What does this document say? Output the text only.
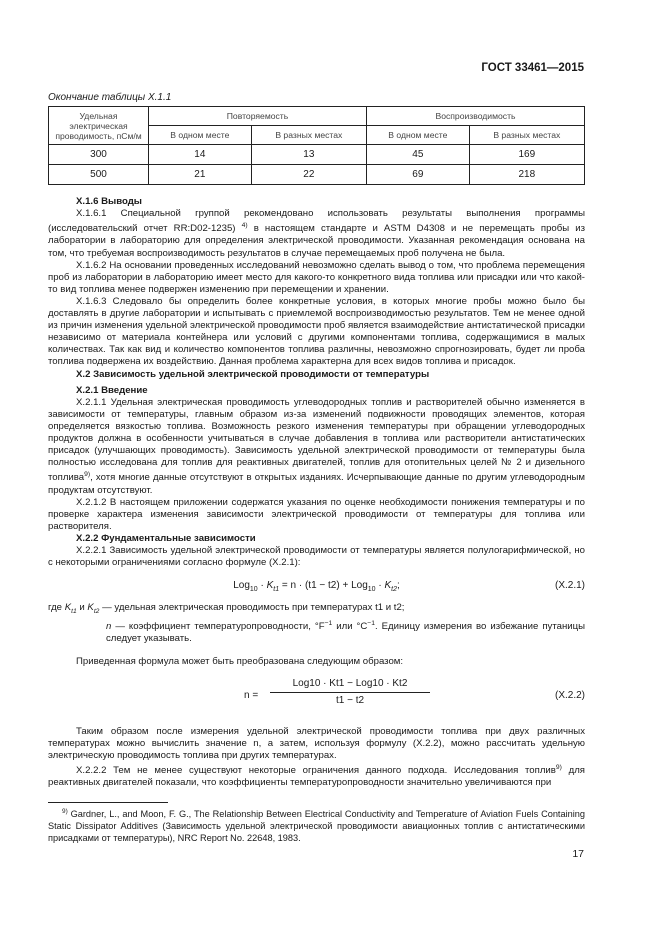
ГОСТ 33461—2015
Окончание таблицы Х.1.1
Удельная электрическая проводимость, пСм/м	Повторяемость		Воспроизводимость	
	В одном месте	В разных местах	В одном месте	В разных местах
300	14	13	45	169
500	21	22	69	218

Х.1.6 Выводы

Х.1.6.1 Специальной группой рекомендовано использовать результаты выполнения программы (исследовательский отчет RR:D02-1235) $^{4)}$ в настоящем стандарте и ASTM D4308 и не перемещать пробы из лаборатории в лабораторию для определения электрической проводимости. Указанная рекомендация основана на том, что требуемая воспроизводимость результатов в случае перемещаемых проб получена не была.

Х.1.6.2 На основании проведенных исследований невозможно сделать вывод о том, что проблема перемещения проб из лаборатории в лабораторию имеет место для какого-то конкретного вида топлива или присадки или что какой-то вид топлива менее подвержен изменению при перемещении и хранении.

Х.1.6.3 Следовало бы определить более конкретные условия, в которых многие пробы можно было бы доставлять в другие лаборатории и испытывать с приемлемой воспроизводимостью результатов. Тем не менее одной из причин изменения удельной электрической проводимости проб является взаимодействие антистатической присадки независимо от материала контейнера или условий с другими компонентами топлива, содержащимися в малых количествах. Так как вид и количество компонентов топлива различны, невозможно спрогнозировать, будет ли проба топлива подвержена их воздействию. Данная проблема характерна для всех видов топлива и присадок.

Х.2 Зависимость удельной электрической проводимости от температуры

Х.2.1 Введение

Х.2.1.1 Удельная электрическая проводимость углеводородных топлив и растворителей обычно изменяется в зависимости от температуры, главным образом из-за изменений подвижности проводящих элементов, которая определяется вязкостью топлива. Возможность резкого изменения температуры при обращении углеводородных продуктов должна в особенности учитываться в случае добавления в топлива или растворители антистатических присадок (улучшающих проводимость). Зависимость удельной электрической проводимости от температуры была полностью исследована для топлив для реактивных двигателей, топлив для отопительных целей № 2 и дизельного топлива$^{9)}$, хотя многие данные отсутствуют в открытых изданиях. Исчерпывающие данные по другим углеводородным продуктам отсутствуют.

Х.2.1.2 В настоящем приложении содержатся указания по оценке необходимости понижения температуры и по проверке характера изменения зависимости электрической проводимости от температуры для топлива или растворителя.

Х.2.2 Фундаментальные зависимости

Х.2.2.1 Зависимость удельной электрической проводимости от температуры является полулогарифмической, но с некоторыми ограничениями согласно формуле (Х.2.1):

$Log_{10} \cdot K_{t1} = n \cdot (t1 - t2) + Log_{10} \cdot K_{t2}$;	(Х.2.1)

где $K_{t1}$ и $K_{t2}$ — удельная электрическая проводимость при температурах t1 и t2;

n — коэффициент температуропроводности, $^\circ F^{-1}$ или $^\circ C^{-1}$. Единицу измерения во избежание путаницы следует указывать.

Приведенная формула может быть преобразована следующим образом:

n =
Log10 · Kt1 − Log10 · Kt2
t1 − t2	(Х.2.2)

Таким образом после измерения удельной электрической проводимости топлива при двух различных температурах можно вычислить значение n, а затем, используя формулу (Х.2.2), можно рассчитать удельную электрическую проводимость топлива при других температурах.

Х.2.2.2 Тем не менее существуют некоторые ограничения данного подхода. Исследования топлив$^{9)}$ для реактивных двигателей показали, что коэффициенты температуропроводности значительно увеличиваются при

$^{9)}$ Gardner, L., and Moon, F. G., The Relationship Between Electrical Conductivity and Temperature of Aviation Fuels Containing Static Dissipator Additives (Зависимость удельной электрической проводимости авиационных топлив с антистатическими присадками от температуры), NRC Report No. 22648, 1983.
17
